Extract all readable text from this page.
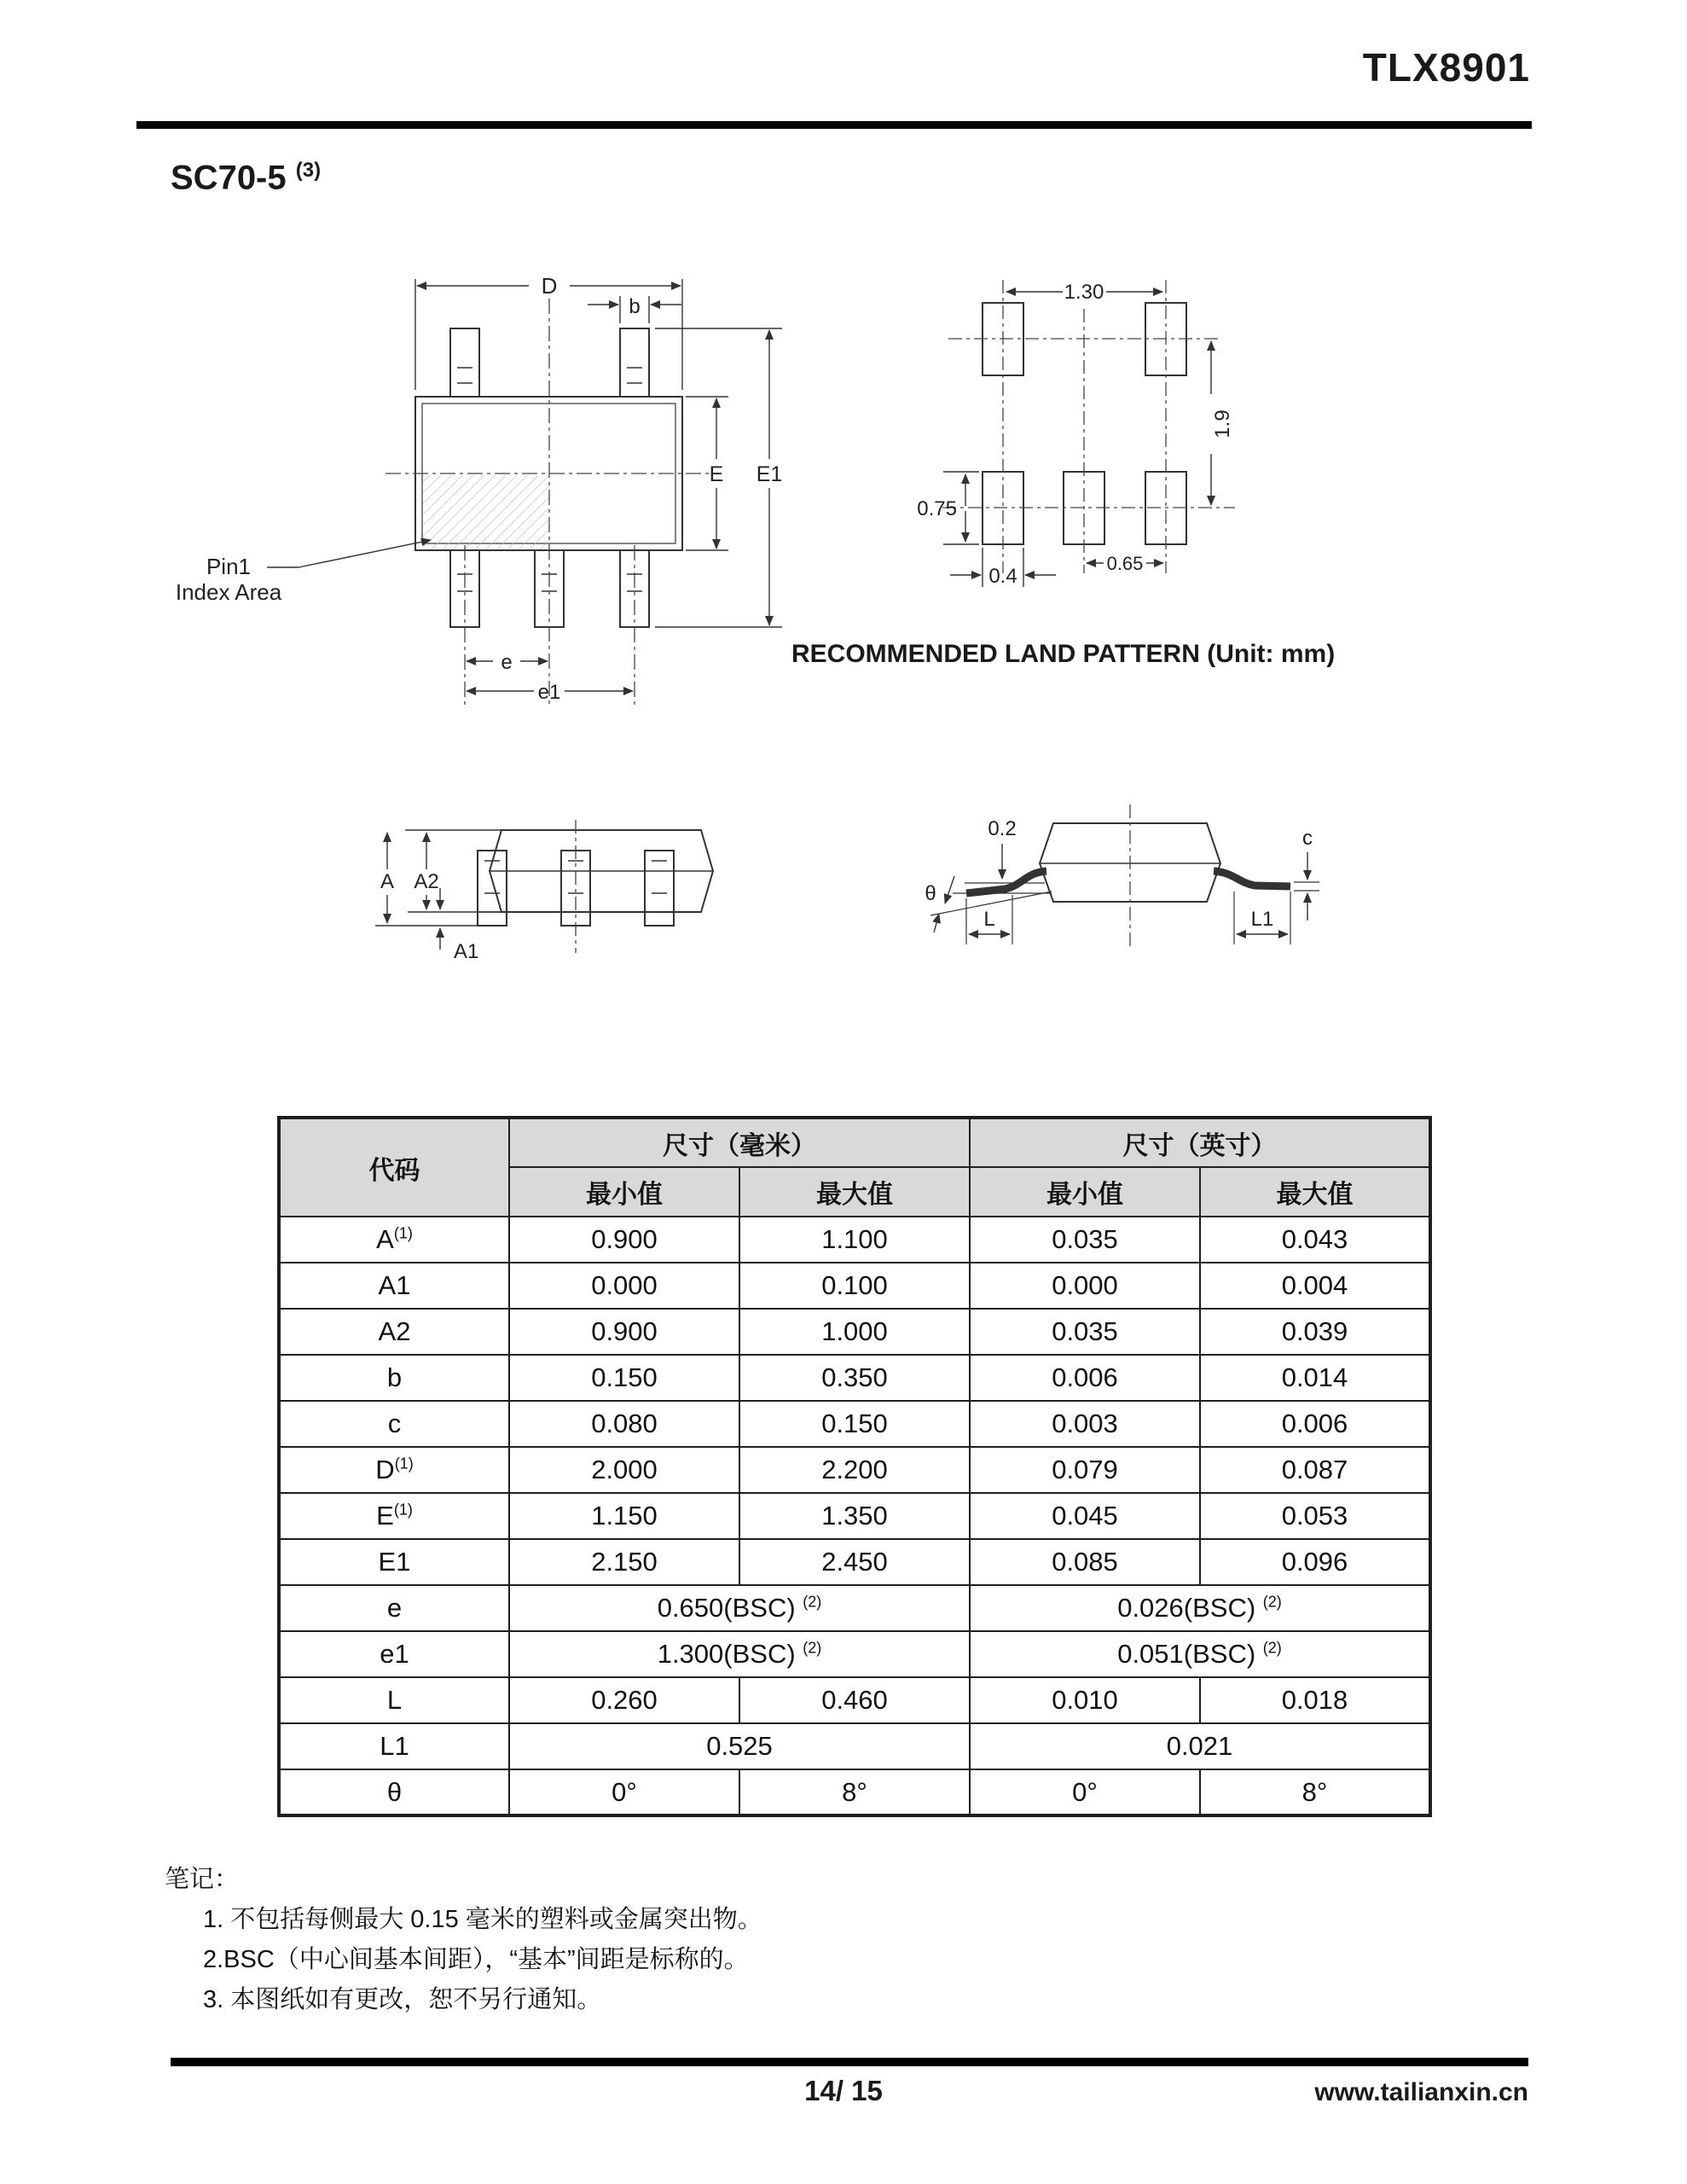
TLX8901
SC70-5 $^{(3)}$
D
b
E E1
e
e1
Pin1
Index Area
1.30
1.9
0.75
0.4
0.65
RECOMMENDED LAND PATTERN (Unit: mm)
A A2
A1
0.2
θ
L	L1
c
代码	尺寸（毫米）		尺寸（英寸）	
	最小值	最大值	最小值	最大值
$A^{(1)}$	0.900	1.100	0.035	0.043
A1	0.000	0.100	0.000	0.004
A2	0.900	1.000	0.035	0.039
b	0.150	0.350	0.006	0.014
c	0.080	0.150	0.003	0.006
$D^{(1)}$	2.000	2.200	0.079	0.087
$E^{(1)}$	1.150	1.350	0.045	0.053
E1	2.150	2.450	0.085	0.096
e	0.650(BSC) $^{(2)}$		0.026(BSC) $^{(2)}$
e1	1.300(BSC) $^{(2)}$		0.051(BSC) $^{(2)}$
L	0.260	0.460	0.010	0.018
L1	0.525		0.021	
θ	0°	8°	0°	8°
笔记：
1. 不包括每侧最大 0.15 毫米的塑料或金属突出物。
2.BSC（中心间基本间距），“基本”间距是标称的。
3. 本图纸如有更改，恕不另行通知。
14/ 15	www.tailianxin.cn
